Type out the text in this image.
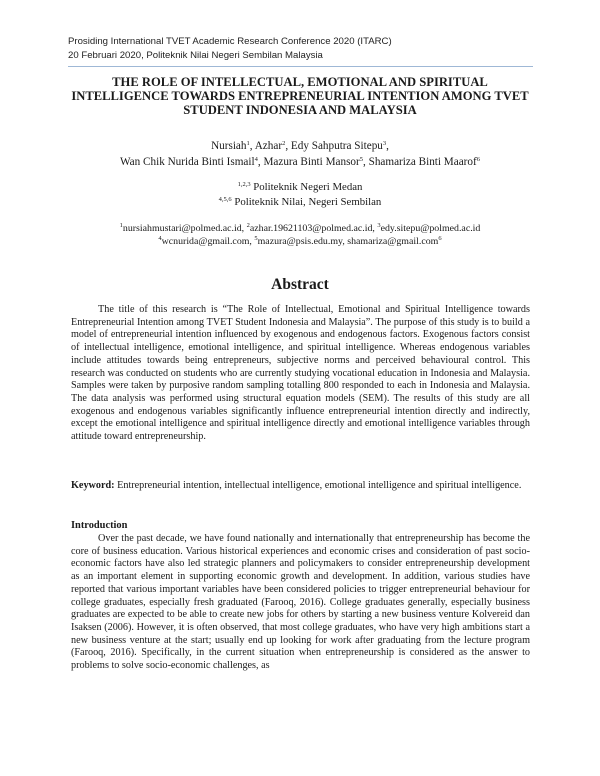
Prosiding International TVET Academic Research Conference 2020 (ITARC)
20 Februari 2020, Politeknik Nilai Negeri Sembilan Malaysia
THE ROLE OF INTELLECTUAL, EMOTIONAL AND SPIRITUAL INTELLIGENCE TOWARDS ENTREPRENEURIAL INTENTION AMONG TVET STUDENT INDONESIA AND MALAYSIA
Nursiah$^1$, Azhar$^2$, Edy Sahputra Sitepu$^3$,
Wan Chik Nurida Binti Ismail$^4$, Mazura Binti Mansor$^5$, Shamariza Binti Maarof$^6$
$^{1,2,3}$ Politeknik Negeri Medan
$^{4,5,6}$ Politeknik Nilai, Negeri Sembilan
$^1$nursiahmustari@polmed.ac.id, $^2$azhar.19621103@polmed.ac.id, $^3$edy.sitepu@polmed.ac.id
$^4$wcnurida@gmail.com, $^5$mazura@psis.edu.my, shamariza@gmail.com$^6$
Abstract
The title of this research is “The Role of Intellectual, Emotional and Spiritual Intelligence towards Entrepreneurial Intention among TVET Student Indonesia and Malaysia”. The purpose of this study is to build a model of entrepreneurial intention influenced by exogenous and endogenous factors. Exogenous factors consist of intellectual intelligence, emotional intelligence, and spiritual intelligence. Whereas endogenous variables include attitudes towards being entrepreneurs, subjective norms and perceived behavioural control. This research was conducted on students who are currently studying vocational education in Indonesia and Malaysia. Samples were taken by purposive random sampling totalling 800 responded to each in Indonesia and Malaysia. The data analysis was performed using structural equation models (SEM). The results of this study are all exogenous and endogenous variables significantly influence entrepreneurial intention directly and indirectly, except the emotional intelligence and spiritual intelligence directly and emotional intelligence variables through attitude toward entrepreneurship.
Keyword: Entrepreneurial intention, intellectual intelligence, emotional intelligence and spiritual intelligence.
Introduction
Over the past decade, we have found nationally and internationally that entrepreneurship has become the core of business education. Various historical experiences and economic crises and consideration of past socio-economic factors have also led strategic planners and policymakers to consider entrepreneurship development as an important element in supporting economic growth and development. In addition, various studies have reported that various important variables have been considered policies to trigger entrepreneurial behaviour for college graduates, especially fresh graduated (Farooq, 2016). College graduates generally, especially business graduates are expected to be able to create new jobs for others by starting a new business venture Kolvereid dan Isaksen (2006). However, it is often observed, that most college graduates, who have very high ambitions start a new business venture at the start; usually end up looking for work after graduating from the lecture program (Farooq, 2016). Specifically, in the current situation when entrepreneurship is considered as the answer to problems to solve socio-economic challenges, as
